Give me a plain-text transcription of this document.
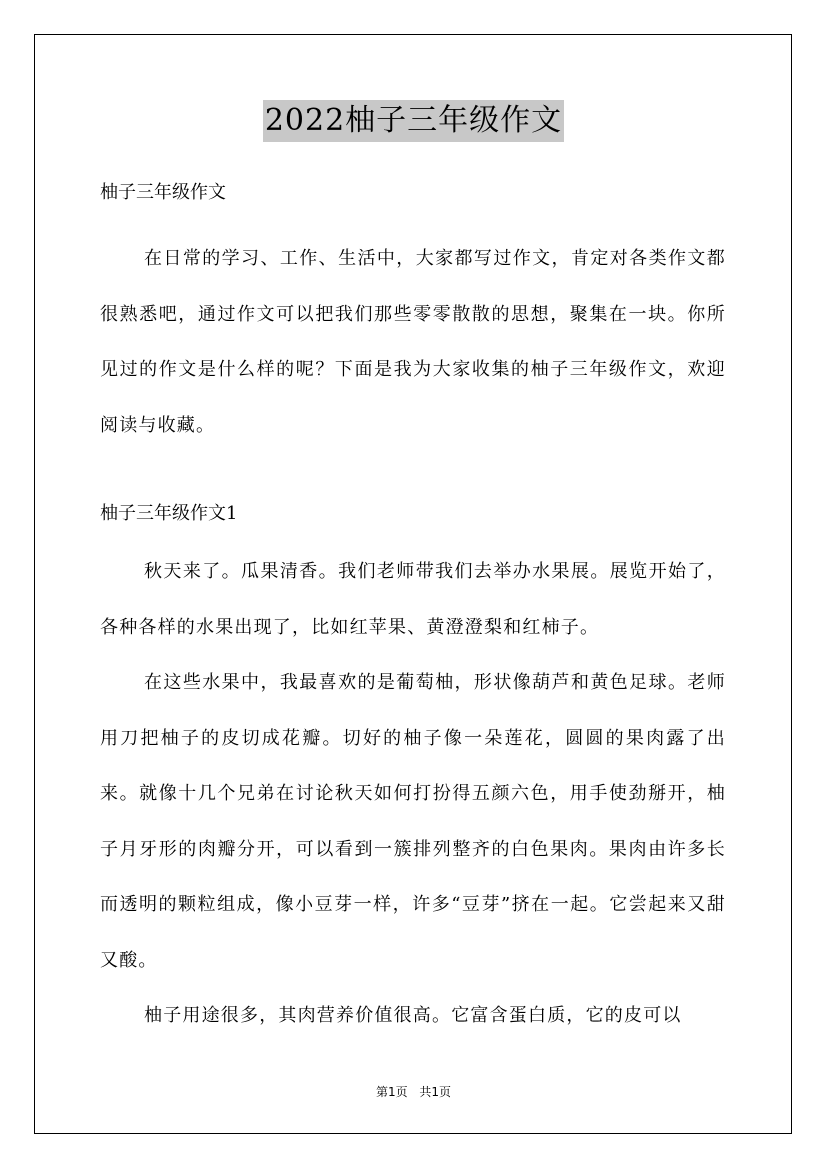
2022柚子三年级作文

柚子三年级作文

在日常的学习、工作、生活中，大家都写过作文，肯定对各类作文都很熟悉吧，通过作文可以把我们那些零零散散的思想，聚集在一块。你所见过的作文是什么样的呢？下面是我为大家收集的柚子三年级作文，欢迎阅读与收藏。

柚子三年级作文1

秋天来了。瓜果清香。我们老师带我们去举办水果展。展览开始了，各种各样的水果出现了，比如红苹果、黄澄澄梨和红柿子。

在这些水果中，我最喜欢的是葡萄柚，形状像葫芦和黄色足球。老师用刀把柚子的皮切成花瓣。切好的柚子像一朵莲花，圆圆的果肉露了出来。就像十几个兄弟在讨论秋天如何打扮得五颜六色，用手使劲掰开，柚子月牙形的肉瓣分开，可以看到一簇排列整齐的白色果肉。果肉由许多长而透明的颗粒组成，像小豆芽一样，许多“豆芽”挤在一起。它尝起来又甜又酸。

柚子用途很多，其肉营养价值很高。它富含蛋白质，它的皮可以

第1页 共1页
